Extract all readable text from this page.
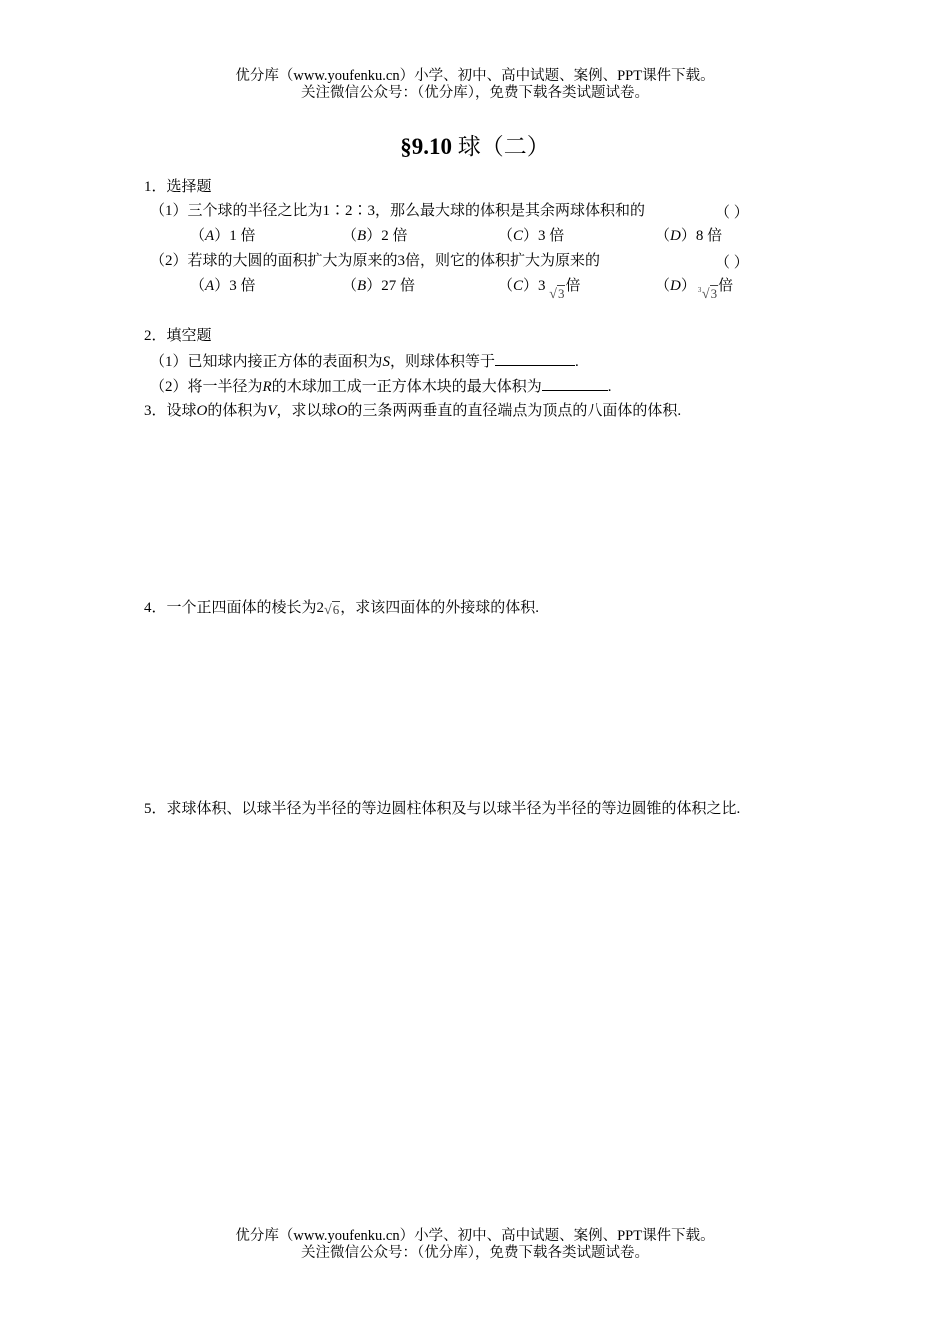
优分库（www.youfenku.cn）小学、初中、高中试题、案例、PPT课件下载。
关注微信公众号：（优分库），免费下载各类试题试卷。
§9.10 球（二）
1．选择题
（1）三个球的半径之比为1∶2∶3，那么最大球的体积是其余两球体积和的	（ ）
（A）1 倍	（B）2 倍	（C）3 倍	（D）8 倍
（2）若球的大圆的面积扩大为原来的3倍，则它的体积扩大为原来的	（ ）
（A）3 倍	（B）27 倍	（C）3 √3倍	（D） 3 √3倍
2．填空题
（1）已知球内接正方体的表面积为S，则球体积等于	.
（2）将一半径为R的木球加工成一正方体木块的最大体积为	.
3．设球O的体积为V，求以球O的三条两两垂直的直径端点为顶点的八面体的体积.
4．一个正四面体的棱长为2√6，求该四面体的外接球的体积.
5．求球体积、以球半径为半径的等边圆柱体积及与以球半径为半径的等边圆锥的体积之比.
优分库（www.youfenku.cn）小学、初中、高中试题、案例、PPT课件下载。
关注微信公众号：（优分库），免费下载各类试题试卷。
